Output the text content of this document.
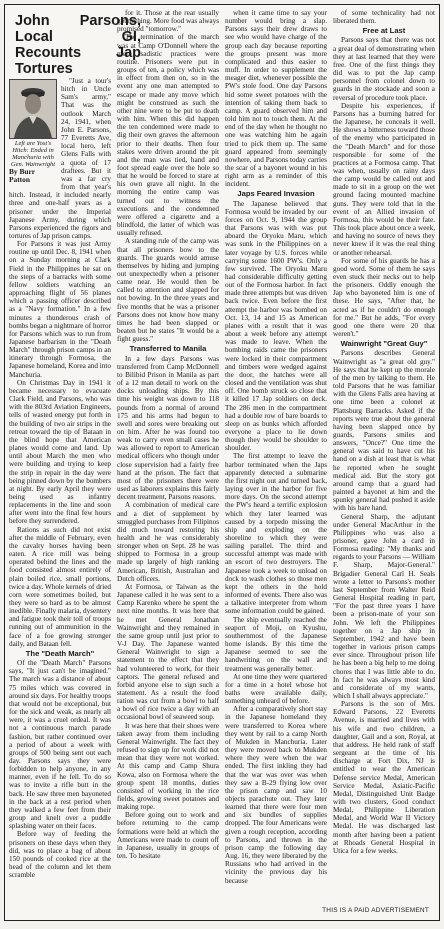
John Parsons, Local GI, Recounts Jap Tortures
Left are Yost's Hitch: Ended in Manchuria with Gen. Wainwright
By Burr
Patton

"Just a tour's hitch in Uncle Sam's army," That was the outlook March 24, 1941, when John E. Parsons, 77 Everetts Ave, local hero, left Glens Falls with a quota of 17 draftees. But it was a far cry from that year's hitch. Instead, it included nearly three and one-half years as a prisoner under the Imperial Japanese Army, during which Parsons experienced the rigors and tortures of Jap prison camps.

For Parsons it was just Army routine up until Dec. 8, 1941 when on a Sunday morning at Clark Field in the Philippines he sat on the steps of a barracks with some fellow soldiers watching an approaching flight of 56 planes which a passing officer described as a "Navy formation." In a few minutes a thunderous crash of bombs began a nightmare of horror for Parsons which was to run from Japanese barbarism in the "Death March" through prison camps in an itinerary through Formosa, the Japanese homeland, Korea and into Manchuria.

On Christmas Day in 1941 it became necessary to evacuate Clark Field, and Parsons, who was with the 803rd Aviation Engineers, tells of wasted energy put forth in the building of two air strips in the retreat toward the tip of Bataan in the blind hope that American planes would come and land. Up until about March the men who were building and trying to keep the strip in repair in the day were being pinned down by the bombers at night. By early April they were being used as infantry replacements in the line and soon after went into the final few hours before they surrendered.

Rations as such did not exist after the middle of February, even the cavalry horses having been eaten. A rice mill was being operated behind the lines and the food consisted almost entirely of plain boiled rice, small portions, twice a day. Whole kernels of dried corn were sometimes boiled, but they were so hard as to be almost inedible. Finally malaria, dysentery and fatigue took their toll of troops running out of ammunition in the face of a foe growing stronger daily, and Bataan fell.

The "Death March"

Of the "Death March" Parsons says, "It just can't be imagined." The march was a distance of about 75 miles which was covered in around six days. For healthy troops that would not be exceptional, but for the sick and weak, as nearly all were, it was a cruel ordeal. It was not a continuous march parade fashion, but rather continued over a period of about a week with groups of 500 being sent out each day. Parsons says they were forbidden to help anyone, in any manner, even if he fell. To do so was to invite a rifle butt in the back. He saw three men bayoneted in the back at a rest period when they walked a few feet from their group and knelt over a puddle splashing water on their faces.

Before way of feeding the prisoners on these days when they did, was to place a bag of about 150 pounds of cooked rice at the head of the column and let them scramble

for it. Those at the rear usually got nothing. More food was always promised "tomorrow."

The termination of the march was at Camp O'Donnell where the more sadistic practices were routine. Prisoners were put in groups of ten, a policy which was in effect from then on, so in the event any one man attempted to escape or made any move which might be construed as such the other nine were to be put to death with him. When this did happen the ten condemned were made to dig their own graves the afternoon prior to their deaths. Then four stakes were driven around the pit and the man was tied, hand and foot spread eagle over the hole so that he would be forced to stare at his own grave all night. In the morning the entire camp was turned out to witness the executions and the condemned were offered a cigarette and a blindfold, the latter of which was usually refused.

A standing rule of the camp was that all prisoners bow to the guards. The guards would amuse themselves by hiding and jumping out unexpectedly when a prisoner came near. He would then be called to attention and slapped for not bowing. In the three years and five months that he was a prisoner Parsons does not know how many times he had been slapped or beaten but he states "It would be a fight guess."

Transferred to Manila

In a few days Parsons was transferred from Camp McDonnell to Bilibid Prison in Manila as part of a 12 man detail to work on the docks unloading ships. By this time his weight was down to 118 pounds from a normal of around 175 and his arms had begun to swell and sores were breaking out on him. After he was found too weak to carry even small cases he was allowed to report to American medical officers who though under close supervision had a fairly free hand at the prison. The fact that most of the prisoners there were used as laborers explains this fairly decent treatment, Parsons reasons.

A combination of medical care and a diet of supplement by smuggled purchases from Filipinos did much toward restoring his health and he was considerably stronger when on Sept. 28 he was shipped to Formosa in a group made up largely of high ranking American, British, Australian and Dutch officers.

At Formosa, or Taiwan as the Japanese called it he was sent to a Camp Karenko where he spent the next nine months. It was here that he met General Jonathan Wainwright and they remained in the same group until just prior to V-J Day. The Japanese wanted General Wainwright to sign a statement to the effect that they had volunteered to work, for their captors. The general refused and forbid anyone else to sign such a statement. As a result the food ration was cut from a bowl to half a bowl of rice twice a day with an occasional bowl of seaweed soup.

It was here that their shoes were taken away from them including General Wainwright. The fact they refused to sign up for work did not mean that they were not worked. At this camp and Camp Shura Kowa, also on Formosa where the group spent 18 months, duties consisted of working in the rice fields, growing sweet potatoes and making rope.

Before going out to work and before returning to the camp formations were held at which the Americans were made to count off in Japanese, usually in groups of ten. To hesitate

when it came time to say your number would bring a slap. Parsons says their drew draws to see who would have charge of the group each day because reporting the groups present was more complicated and thus easier to muff. In order to supplement the meager diet, whenever possible the PW's stole food. One day Parsons hid some sweet potatoes with the intention of taking them back to camp. A guard observed him and told him not to touch them. At the end of the day when he thought no one was watching him he again tried to pick them up. The same guard appeared from seemingly nowhere, and Parsons today carries the scar of a bayonet wound in his right arm as a reminder of this incident.

Japs Feared Invasion

The Japanese believed that Formosa would be invaded by our forces on Oct. 9, 1944 the group that Parsons was with was put aboard the Oryoku Maru, which was sunk in the Philippines on a later voyage by U.S. forces while carrying some 1600 PW's. Only a few survived. The Oryoku Maru had considerable difficulty getting out of the Formosa harbor. In fact made three attempts but was driven back twice. Even before the first attempt the harbor was bombed on Oct. 13, 14 and 15 as American planes with a result that it was about a week before any attempt was made to leave. When the bombing raids came the prisoners were locked in their compartment and timbers were wedged against the door, the hatches were all closed and the ventilation was shut off. One bomb struck so close that it killed 17 Jap soldiers on deck. The 286 men in the compartment had a double row of bare boards to sleep on as bunks which afforded everyone a place to lie down though they would be shoulder to shoulder.

The first attempt to leave the harbor terminated when the Japs apparently detected a submarine the first night out and turned back, laying over in the harbor for five more days. On the second attempt the PW's heard a terrific explosion which they later learned was caused by a torpedo missing the ship and exploding on the shoreline to which they were sailing parallel. The third and successful attempt was made with an escort of two destroyers. The Japanese took a week to unload on dock to wash clothes so those men kept the others in the hold informed of events. There also was a talkative interpreter from whom some information could be gained.

The ship eventually reached the seaport of Moji, on Kyushu, southernmost of the Japanese home islands. By this time the Japanese seemed to see the handwriting on the wall and treatment was generally better.

At one time they were quartered for a time in a hotel whose hot baths were available daily, something unheard of before.

After a comparatively short stay in the Japanese homeland they were transferred to Korea where they went by rail to a camp North of Mukden in Manchuria. Later they were moved back to Mukden where they were when the war ended. The first inkling they had that the war was over was when they saw a B-29 flying low over the prison camp and saw 10 objects parachute out. They later learned that there were four men and six bundles of supplies dropped. The four Americans were given a rough reception, according to Parsons, and thrown in the prison camp the following day Aug. 16, they were liberated by the Russians who had arrived in the vicinity the previous day his because

of some technicality had not liberated them.

Free at Last

Parsons says that there was not a great deal of demonstrating when they at last learned that they were free. One of the first things they did was to put the Jap camp personnel from colonel down to guards in the stockade and soon a reversal of procedure took place.

Despite his experiences, if Parsons has a burning hatred for the Japanese, he conceals it well. He shows a bitterness toward those of the enemy who participated in the "Death March" and for those responsible for some of the practices at a Formosa camp. That was when, usually on rainy days the camp would be called out and made to sit in a group on the wet ground facing mounted machine guns. They were told that in the event of an Allied invasion of Formosa, this would be their fate. This took place about once a week, and having no source of news they never knew if it was the real thing or another rehearsal.

For some of his guards he has a good word. Some of them he says even stuck their necks out to help the prisoners. Oddly enough the Jap who bayoneted him is one of these. He says, "After that, he acted as if he couldn't do enough for me." But he adds, "For every good one there were 20 that weren't."

Wainwright "Great Guy"

Parsons describes General Wainwright as "a great old guy." He says that he kept up the morale of the men by talking to them. He told Parsons that he was familiar with the Glens Falls area having at one time been a colonel at Plattsburg Barracks. Asked if the reports were true about the general having been slapped once by guards, Parsons smiles and answers, "Once?" One time the general was said to have cut his hand on a dish at least that is what he reported when he sought medical aid. But the story got around camp that a guard had painted a bayonet at him and the spunky general had pushed it aside with his bare hand.

General Sharp, the adjutant under General MacArthur in the Philippines who was also a prisoner, gave John a card in Formosa reading: "My thanks and regards to your Parsons — William F. Sharp, Major-General." Brigadier General Carl H. Seals wrote a letter to Parsons's mother last September from Walter Reid General Hospital reading in part, "For the past three years I have been a prison-mate of your son John. We left the Philippines together on a Jap ship in September, 1942 and have been together in various prison camps ever since. Throughout prison life he has been a big help to me doing chores that I was little able to do. In fact he was always most kind and considerate of my wants, which I shall always appreciate."

Parsons is the son of Mrs. Edward Parsons, 22 Everetts Avenue, is married and lives with his wife and two children, a daughter, Gail and a son, Royal, at that address. He held rank of staff sergeant at the time of his discharge at Fort Dix, NJ is entitled to wear the American Defense service Medal, American Service Medal, Asiatic-Pacific Medal, Distinguished Unit Badge with two clusters, Good conduct Medal, Philippine Liberation Medal, and World War II Victory Medal. He was discharged last month after having been a patient at Rhoads General Hospital in Utica for a few weeks.

THIS IS A PAID ADVERTISEMENT
